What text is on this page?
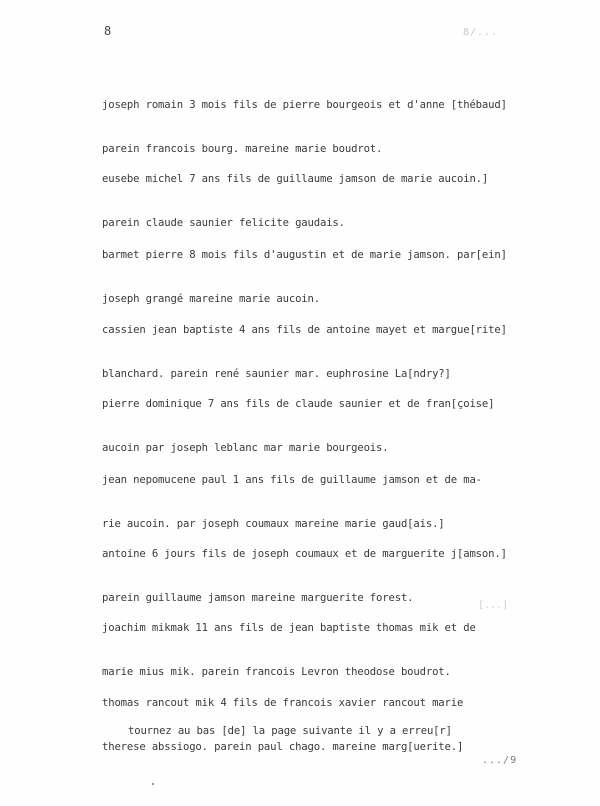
8	8/...

joseph romain 3 mois fils de pierre bourgeois et d'anne [thébaud]

parein francois bourg. mareine marie boudrot.

eusebe michel 7 ans fils de guillaume jamson de marie aucoin.]

parein claude saunier felicite gaudais.

barmet pierre 8 mois fils d'augustin et de marie jamson. par[ein]

joseph grangé mareine marie aucoin.

cassien jean baptiste 4 ans fils de antoine mayet et margue[rite]

blanchard. parein rené saunier mar. euphrosine La[ndry?]

pierre dominique 7 ans fils de claude saunier et de fran[çoise]

aucoin par joseph leblanc mar marie bourgeois.

jean nepomucene paul 1 ans fils de guillaume jamson et de ma-

rie aucoin. par joseph coumaux mareine marie gaud[ais.]

antoine 6 jours fils de joseph coumaux et de marguerite j[amson.]

parein guillaume jamson mareine marguerite forest.

joachim mikmak 11 ans fils de jean baptiste thomas mik et de

marie mius mik. parein francois Levron theodose boudrot.

thomas rancout mik 4 fils de francois xavier rancout marie

therese abssiogo. parein paul chago. mareine marg[uerite.]

[...]
tournez au bas [de] la page suivante il y a erreu[r]
.../9
